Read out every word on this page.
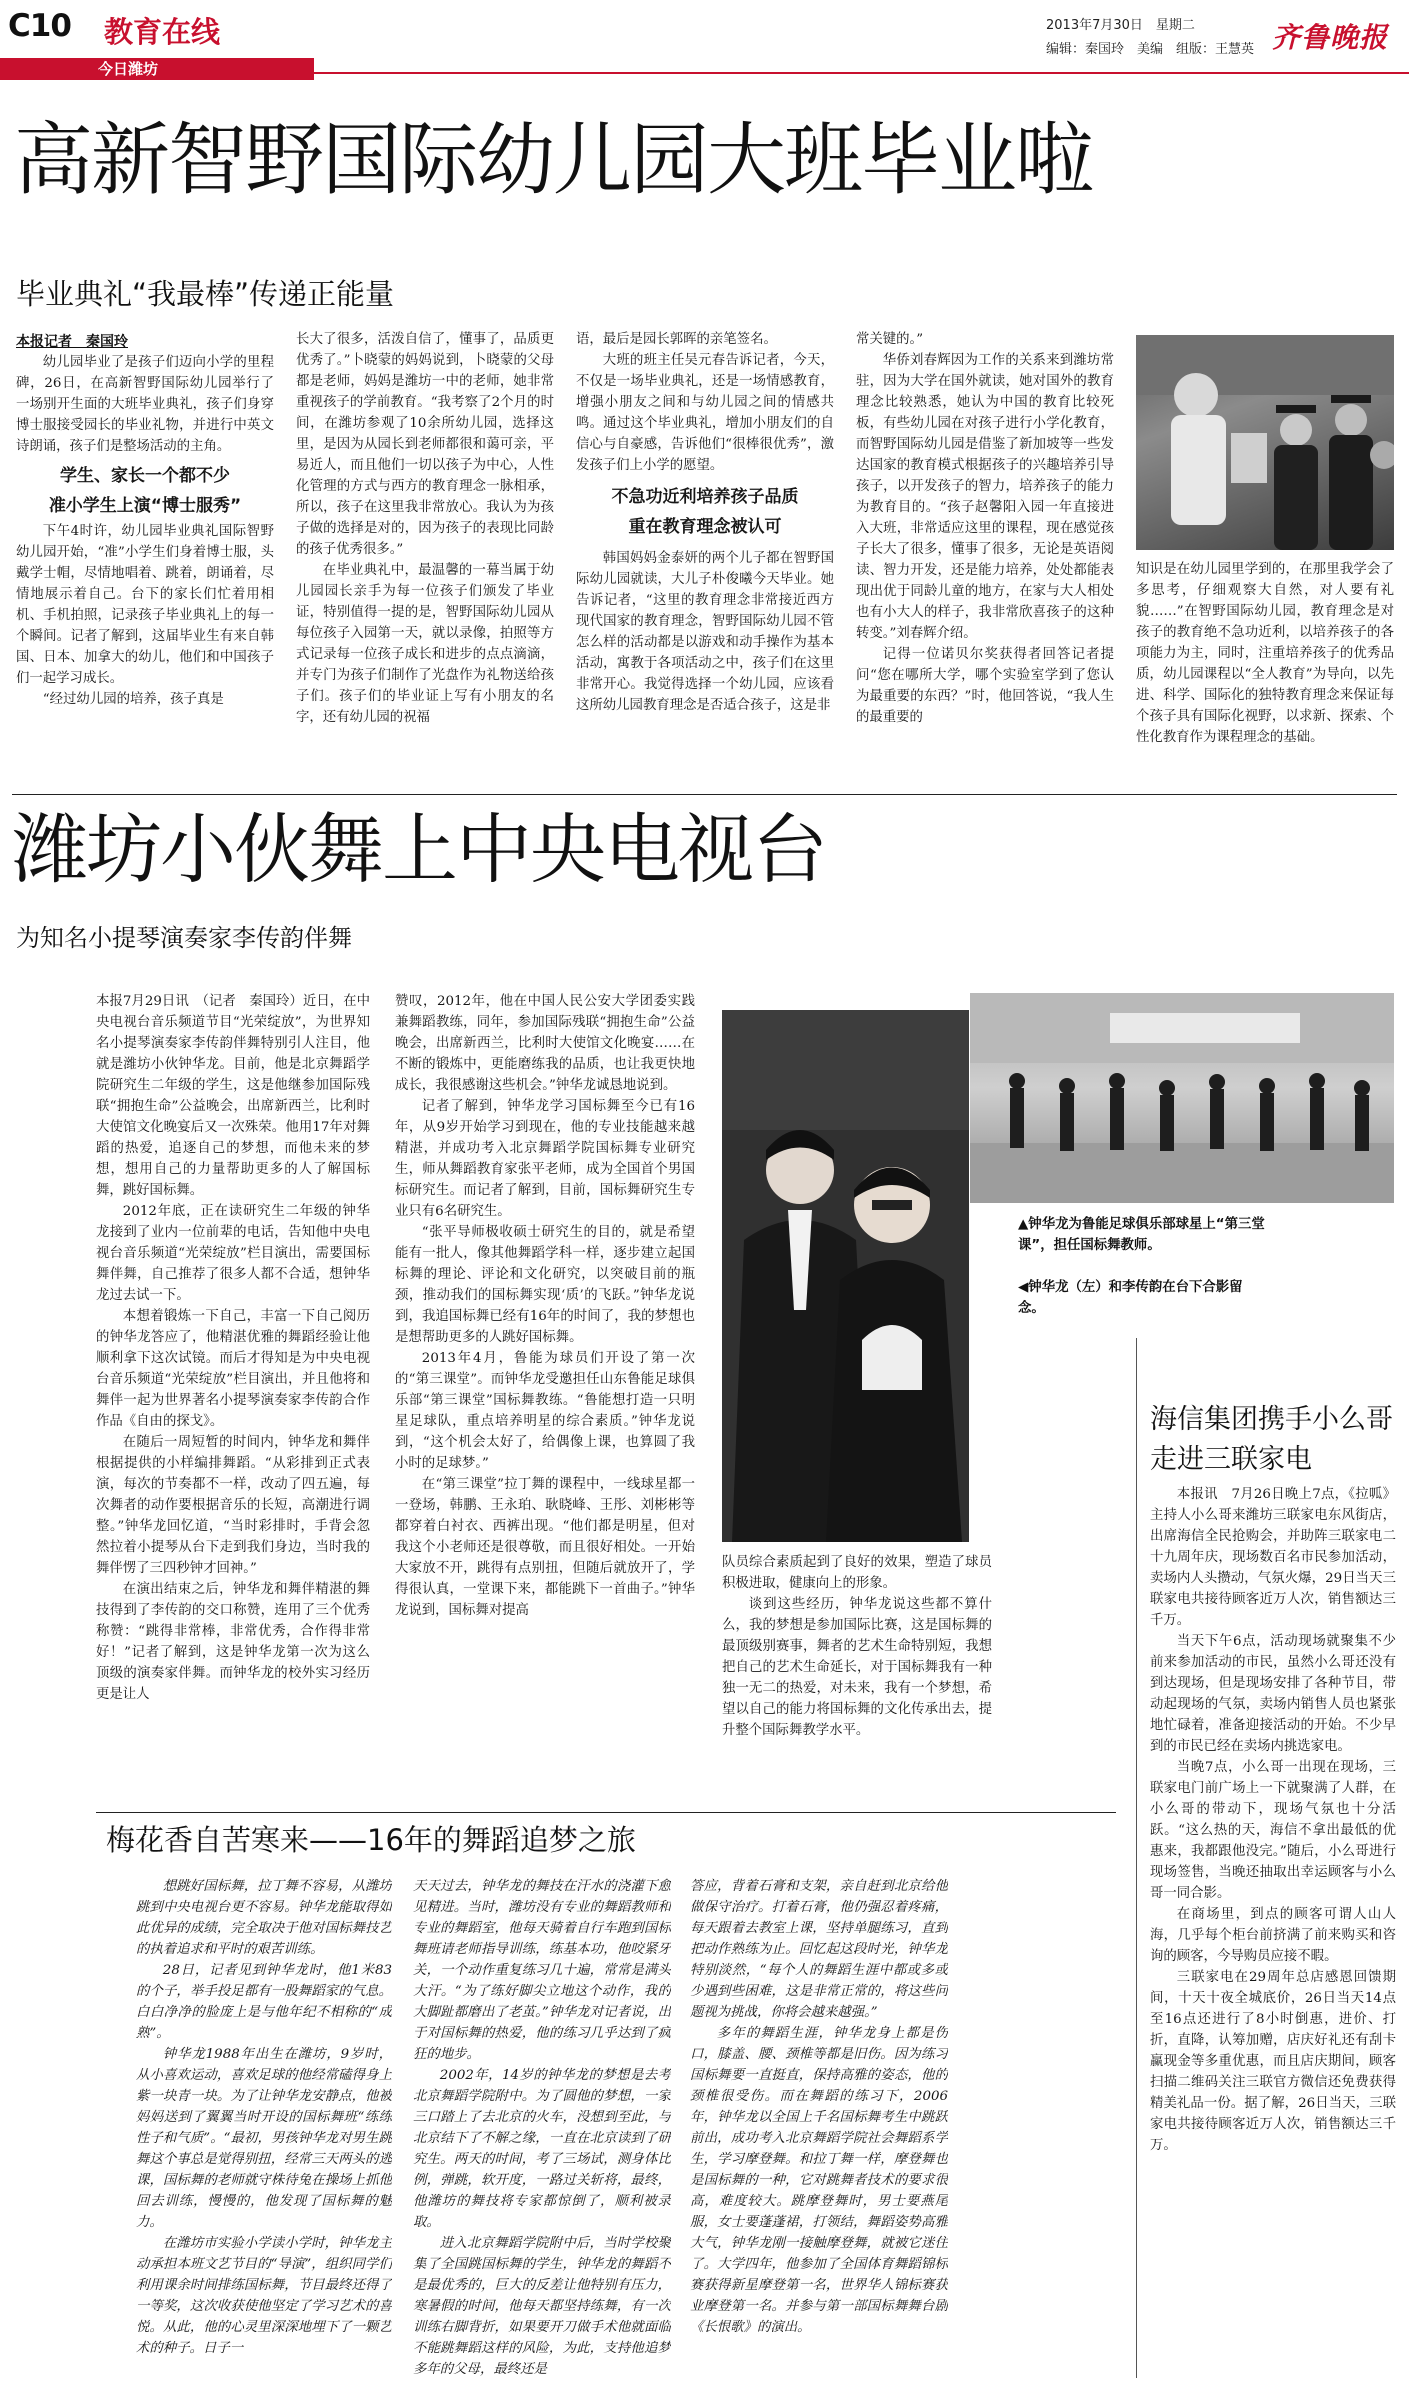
C10 教育在线
今日潍坊
2013年7月30日　星期二
编辑：秦国玲　美编　组版：王慧英 齐鲁晚报
高新智野国际幼儿园大班毕业啦
毕业典礼“我最棒”传递正能量
本报记者　秦国玲

幼儿园毕业了是孩子们迈向小学的里程碑，26日，在高新智野国际幼儿园举行了一场别开生面的大班毕业典礼，孩子们身穿博士服接受园长的毕业礼物，并进行中英文诗朗诵，孩子们是整场活动的主角。

学生、家长一个都不少
准小学生上演“博士服秀”

下午4时许，幼儿园毕业典礼国际智野幼儿园开始，“准”小学生们身着博士服，头戴学士帽，尽情地唱着、跳着，朗诵着，尽情地展示着自己。台下的家长们忙着用相机、手机拍照，记录孩子毕业典礼上的每一个瞬间。记者了解到，这届毕业生有来自韩国、日本、加拿大的幼儿，他们和中国孩子们一起学习成长。

“经过幼儿园的培养，孩子真是

长大了很多，活泼自信了，懂事了，品质更优秀了。”卜晓蒙的妈妈说到，卜晓蒙的父母都是老师，妈妈是潍坊一中的老师，她非常重视孩子的学前教育。“我考察了2个月的时间，在潍坊参观了10余所幼儿园，选择这里，是因为从园长到老师都很和蔼可亲，平易近人，而且他们一切以孩子为中心，人性化管理的方式与西方的教育理念一脉相承，所以，孩子在这里我非常放心。我认为为孩子做的选择是对的，因为孩子的表现比同龄的孩子优秀很多。”

在毕业典礼中，最温馨的一幕当属于幼儿园园长亲手为每一位孩子们颁发了毕业证，特别值得一提的是，智野国际幼儿园从每位孩子入园第一天，就以录像，拍照等方式记录每一位孩子成长和进步的点点滴滴，并专门为孩子们制作了光盘作为礼物送给孩子们。孩子们的毕业证上写有小朋友的名字，还有幼儿园的祝福

语，最后是园长郭晖的亲笔签名。

大班的班主任吴元春告诉记者，今天，不仅是一场毕业典礼，还是一场情感教育，增强小朋友之间和与幼儿园之间的情感共鸣。通过这个毕业典礼，增加小朋友们的自信心与自豪感，告诉他们“很棒很优秀”，激发孩子们上小学的愿望。

不急功近利培养孩子品质
重在教育理念被认可

韩国妈妈金泰妍的两个儿子都在智野国际幼儿园就读，大儿子朴俊曦今天毕业。她告诉记者，“这里的教育理念非常接近西方现代国家的教育理念，智野国际幼儿园不管怎么样的活动都是以游戏和动手操作为基本活动，寓教于各项活动之中，孩子们在这里非常开心。我觉得选择一个幼儿园，应该看这所幼儿园教育理念是否适合孩子，这是非

常关键的。”

华侨刘春辉因为工作的关系来到潍坊常驻，因为大学在国外就读，她对国外的教育理念比较熟悉，她认为中国的教育比较死板，有些幼儿园在对孩子进行小学化教育，而智野国际幼儿园是借鉴了新加坡等一些发达国家的教育模式根据孩子的兴趣培养引导孩子，以开发孩子的智力，培养孩子的能力为教育目的。“孩子赵馨阳入园一年直接进入大班，非常适应这里的课程，现在感觉孩子长大了很多，懂事了很多，无论是英语阅读、智力开发，还是能力培养，处处都能表现出优于同龄儿童的地方，在家与大人相处也有小大人的样子，我非常欣喜孩子的这种转变。”刘春辉介绍。

记得一位诺贝尔奖获得者回答记者提问“您在哪所大学，哪个实验室学到了您认为最重要的东西？”时，他回答说，“我人生的最重要的

知识是在幼儿园里学到的，在那里我学会了多思考，仔细观察大自然，对人要有礼貌……”在智野国际幼儿园，教育理念是对孩子的教育绝不急功近利，以培养孩子的各项能力为主，同时，注重培养孩子的优秀品质，幼儿园课程以“全人教育”为导向，以先进、科学、国际化的独特教育理念来保证每个孩子具有国际化视野，以求新、探索、个性化教育作为课程理念的基础。

潍坊小伙舞上中央电视台
为知名小提琴演奏家李传韵伴舞

本报7月29日讯　（记者　秦国玲）近日，在中央电视台音乐频道节目“光荣绽放”，为世界知名小提琴演奏家李传韵伴舞特别引人注目，他就是潍坊小伙钟华龙。目前，他是北京舞蹈学院研究生二年级的学生，这是他继参加国际残联“拥抱生命”公益晚会，出席新西兰，比利时大使馆文化晚宴后又一次殊荣。他用17年对舞蹈的热爱，追逐自己的梦想，而他未来的梦想，想用自己的力量帮助更多的人了解国标舞，跳好国标舞。

2012年底，正在读研究生二年级的钟华龙接到了业内一位前辈的电话，告知他中央电视台音乐频道“光荣绽放”栏目演出，需要国标舞伴舞，自己推荐了很多人都不合适，想钟华龙过去试一下。

本想着锻炼一下自己，丰富一下自己阅历的钟华龙答应了，他精湛优雅的舞蹈经验让他顺利拿下这次试镜。而后才得知是为中央电视台音乐频道“光荣绽放”栏目演出，并且他将和舞伴一起为世界著名小提琴演奏家李传韵合作作品《自由的探戈》。

在随后一周短暂的时间内，钟华龙和舞伴根据提供的小样编排舞蹈。“从彩排到正式表演，每次的节奏都不一样，改动了四五遍，每次舞者的动作要根据音乐的长短，高潮进行调整。”钟华龙回忆道，“当时彩排时，手背会忽然拉着小提琴从台下走到我们身边，当时我的舞伴愣了三四秒钟才回神。”

在演出结束之后，钟华龙和舞伴精湛的舞技得到了李传韵的交口称赞，连用了三个优秀称赞：“跳得非常棒，非常优秀，合作得非常好！”记者了解到，这是钟华龙第一次为这么顶级的演奏家伴舞。而钟华龙的校外实习经历更是让人

赞叹，2012年，他在中国人民公安大学团委实践兼舞蹈教练，同年，参加国际残联“拥抱生命”公益晚会，出席新西兰，比利时大使馆文化晚宴……在不断的锻炼中，更能磨练我的品质，也让我更快地成长，我很感谢这些机会。”钟华龙诚恳地说到。

记者了解到，钟华龙学习国标舞至今已有16年，从9岁开始学习到现在，他的专业技能越来越精湛，并成功考入北京舞蹈学院国标舞专业研究生，师从舞蹈教育家张平老师，成为全国首个男国标研究生。而记者了解到，目前，国标舞研究生专业只有6名研究生。

“张平导师极收硕士研究生的目的，就是希望能有一批人，像其他舞蹈学科一样，逐步建立起国标舞的理论、评论和文化研究，以突破目前的瓶颈，推动我们的国标舞实现‘质’的飞跃。”钟华龙说到，我追国标舞已经有16年的时间了，我的梦想也是想帮助更多的人跳好国标舞。

2013年4月，鲁能为球员们开设了第一次的“第三课堂”。而钟华龙受邀担任山东鲁能足球俱乐部“第三课堂”国标舞教练。“鲁能想打造一只明星足球队，重点培养明星的综合素质。”钟华龙说到，“这个机会太好了，给偶像上课，也算圆了我小时的足球梦。”

在“第三课堂”拉丁舞的课程中，一线球星都一一登场，韩鹏、王永珀、耿晓峰、王彤、刘彬彬等都穿着白衬衣、西裤出现。“他们都是明星，但对我这个小老师还是很尊敬，而且很好相处。一开始大家放不开，跳得有点别扭，但随后就放开了，学得很认真，一堂课下来，都能跳下一首曲子。”钟华龙说到，国标舞对提高

▲钟华龙为鲁能足球俱乐部球星上“第三堂课”，担任国标舞教师。
◀钟华龙（左）和李传韵在台下合影留念。

队员综合素质起到了良好的效果，塑造了球员积极进取，健康向上的形象。

谈到这些经历，钟华龙说这些都不算什么，我的梦想是参加国际比赛，这是国标舞的最顶级别赛事，舞者的艺术生命特别短，我想把自己的艺术生命延长，对于国标舞我有一种独一无二的热爱，对未来，我有一个梦想，希望以自己的能力将国标舞的文化传承出去，提升整个国际舞教学水平。

梅花香自苦寒来——16年的舞蹈追梦之旅

想跳好国标舞，拉丁舞不容易，从潍坊跳到中央电视台更不容易。钟华龙能取得如此优异的成绩，完全取决于他对国标舞技艺的执着追求和平时的艰苦训练。

28日，记者见到钟华龙时，他1米83的个子，举手投足都有一股舞蹈家的气息。白白净净的脸庞上是与他年纪不相称的“成熟”。

钟华龙1988年出生在潍坊，9岁时，从小喜欢运动，喜欢足球的他经常磕得身上紫一块青一块。为了让钟华龙安静点，他被妈妈送到了翼翼当时开设的国标舞班“练练性子和气质”。“最初，男孩钟华龙对男生跳舞这个事总是觉得别扭，经常三天两头的逃课，国标舞的老师就守株待兔在操场上抓他回去训练，慢慢的，他发现了国标舞的魅力。

在潍坊市实验小学读小学时，钟华龙主动承担本班文艺节目的“导演”，组织同学们利用课余时间排练国标舞，节目最终还得了一等奖，这次收获使他坚定了学习艺术的喜悦。从此，他的心灵里深深地埋下了一颗艺术的种子。日子一

天天过去，钟华龙的舞技在汗水的浇灌下愈见精进。当时，潍坊没有专业的舞蹈教师和专业的舞蹈室，他每天骑着自行车跑到国标舞班请老师指导训练，练基本功，他咬紧牙关，一个动作重复练习几十遍，常常是满头大汗。“为了练好脚尖立地这个动作，我的大脚趾都磨出了老茧。”钟华龙对记者说，出于对国标舞的热爱，他的练习几乎达到了疯狂的地步。

2002年，14岁的钟华龙的梦想是去考北京舞蹈学院附中。为了圆他的梦想，一家三口踏上了去北京的火车，没想到至此，与北京结下了不解之缘，一直在北京读到了研究生。两天的时间，考了三场试，测身体比例，弹跳，软开度，一路过关斩将，最终，他潍坊的舞技将专家都惊倒了，顺利被录取。

进入北京舞蹈学院附中后，当时学校聚集了全国跳国标舞的学生，钟华龙的舞蹈不是最优秀的，巨大的反差让他特别有压力，寒暑假的时间，他每天都坚持练舞，有一次训练右脚背折，如果要开刀做手术他就面临不能跳舞蹈这样的风险，为此，支持他追梦多年的父母，最终还是

答应，背着石膏和支架，亲自赶到北京给他做保守治疗。打着石膏，他仍强忍着疼痛，每天跟着去教室上课，坚持单腿练习，直到把动作熟练为止。回忆起这段时光，钟华龙特别淡然，“每个人的舞蹈生涯中都或多或少遇到些困难，这是非常正常的，将这些问题视为挑战，你将会越来越强。”

多年的舞蹈生涯，钟华龙身上都是伤口，膝盖、腰、颈椎等都是旧伤。因为练习国标舞要一直挺直，保持高雅的姿态，他的颈椎很受伤。而在舞蹈的练习下，2006年，钟华龙以全国上千名国标舞考生中跳跃前出，成功考入北京舞蹈学院社会舞蹈系学生，学习摩登舞。和拉丁舞一样，摩登舞也是国标舞的一种，它对跳舞者技术的要求很高，难度较大。跳摩登舞时，男士要燕尾服，女士要蓬蓬裙，打领结，舞蹈姿势高雅大气，钟华龙刚一接触摩登舞，就被它迷住了。大学四年，他参加了全国体育舞蹈锦标赛获得新星摩登第一名，世界华人锦标赛获业摩登第一名。并参与第一部国标舞舞台剧《长恨歌》的演出。

海信集团携手小么哥
走进三联家电

本报讯　7月26日晚上7点，《拉呱》主持人小么哥来潍坊三联家电东风街店，出席海信全民抢购会，并助阵三联家电二十九周年庆，现场数百名市民参加活动，卖场内人头攒动，气氛火爆，29日当天三联家电共接待顾客近万人次，销售额达三千万。

当天下午6点，活动现场就聚集不少前来参加活动的市民，虽然小么哥还没有到达现场，但是现场安排了各种节目，带动起现场的气氛，卖场内销售人员也紧张地忙碌着，准备迎接活动的开始。不少早到的市民已经在卖场内挑选家电。

当晚7点，小么哥一出现在现场，三联家电门前广场上一下就聚满了人群，在小么哥的带动下，现场气氛也十分活跃。“这么热的天，海信不拿出最低的优惠来，我都跟他没完。”随后，小么哥进行现场签售，当晚还抽取出幸运顾客与小么哥一同合影。

在商场里，到点的顾客可谓人山人海，几乎每个柜台前挤满了前来购买和咨询的顾客，今导购员应接不暇。

三联家电在29周年总店感恩回馈期间，十天十夜全城底价，26日当天14点至16点还进行了8小时倒惠，进价、打折，直降，认筹加赠，店庆好礼还有刮卡赢现金等多重优惠，而且店庆期间，顾客扫描二维码关注三联官方微信还免费获得精美礼品一份。据了解，26日当天，三联家电共接待顾客近万人次，销售额达三千万。
